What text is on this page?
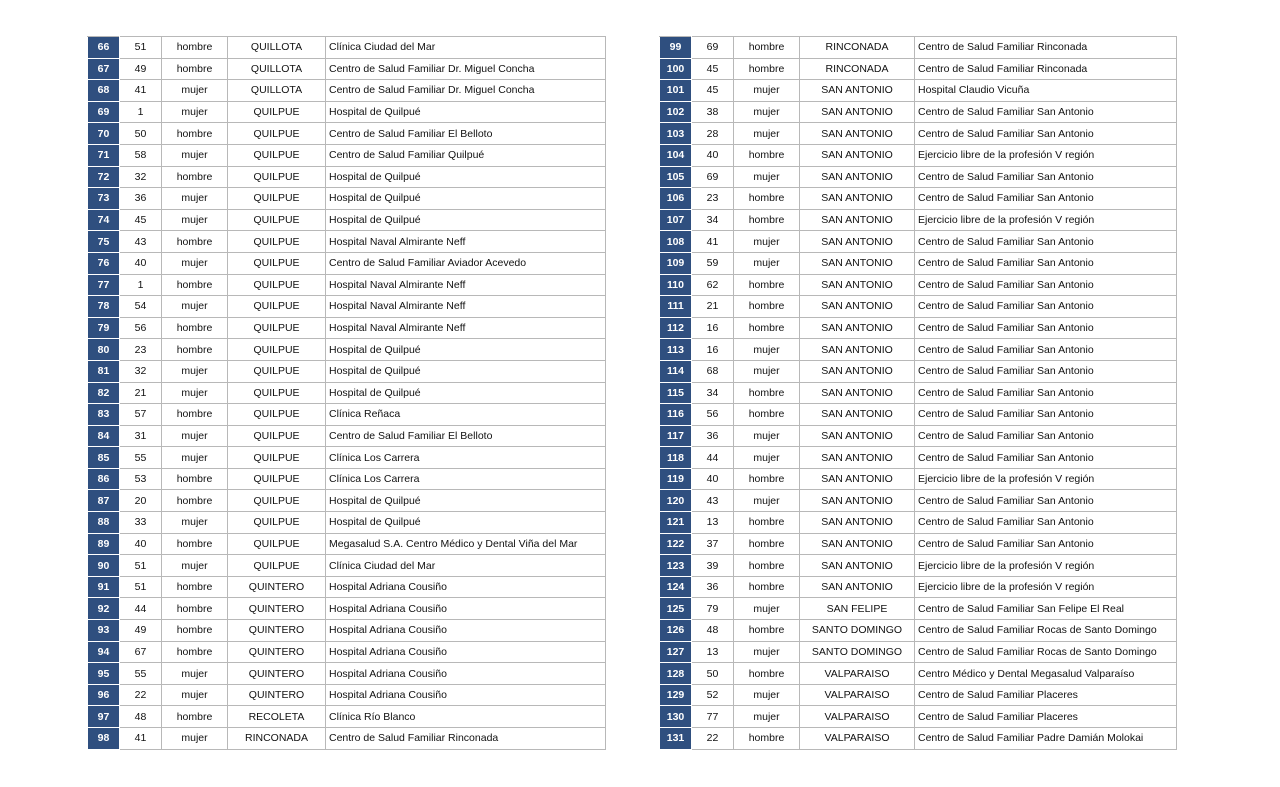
66	51	hombre	QUILLOTA	Clínica Ciudad del Mar
67	49	hombre	QUILLOTA	Centro de Salud Familiar Dr. Miguel Concha
68	41	mujer	QUILLOTA	Centro de Salud Familiar Dr. Miguel Concha
69	1	mujer	QUILPUE	Hospital de Quilpué
70	50	hombre	QUILPUE	Centro de Salud Familiar El Belloto
71	58	mujer	QUILPUE	Centro de Salud Familiar Quilpué
72	32	hombre	QUILPUE	Hospital de Quilpué
73	36	mujer	QUILPUE	Hospital de Quilpué
74	45	mujer	QUILPUE	Hospital de Quilpué
75	43	hombre	QUILPUE	Hospital Naval Almirante Neff
76	40	mujer	QUILPUE	Centro de Salud Familiar Aviador Acevedo
77	1	hombre	QUILPUE	Hospital Naval Almirante Neff
78	54	mujer	QUILPUE	Hospital Naval Almirante Neff
79	56	hombre	QUILPUE	Hospital Naval Almirante Neff
80	23	hombre	QUILPUE	Hospital de Quilpué
81	32	mujer	QUILPUE	Hospital de Quilpué
82	21	mujer	QUILPUE	Hospital de Quilpué
83	57	hombre	QUILPUE	Clínica Reñaca
84	31	mujer	QUILPUE	Centro de Salud Familiar El Belloto
85	55	mujer	QUILPUE	Clínica Los Carrera
86	53	hombre	QUILPUE	Clínica Los Carrera
87	20	hombre	QUILPUE	Hospital de Quilpué
88	33	mujer	QUILPUE	Hospital de Quilpué
89	40	hombre	QUILPUE	Megasalud S.A. Centro Médico y Dental Viña del Mar
90	51	mujer	QUILPUE	Clínica Ciudad del Mar
91	51	hombre	QUINTERO	Hospital Adriana Cousiño
92	44	hombre	QUINTERO	Hospital Adriana Cousiño
93	49	hombre	QUINTERO	Hospital Adriana Cousiño
94	67	hombre	QUINTERO	Hospital Adriana Cousiño
95	55	mujer	QUINTERO	Hospital Adriana Cousiño
96	22	mujer	QUINTERO	Hospital Adriana Cousiño
97	48	hombre	RECOLETA	Clínica Río Blanco
98	41	mujer	RINCONADA	Centro de Salud Familiar Rinconada
99	69	hombre	RINCONADA	Centro de Salud Familiar Rinconada
100	45	hombre	RINCONADA	Centro de Salud Familiar Rinconada
101	45	mujer	SAN ANTONIO	Hospital Claudio Vicuña
102	38	mujer	SAN ANTONIO	Centro de Salud Familiar San Antonio
103	28	mujer	SAN ANTONIO	Centro de Salud Familiar San Antonio
104	40	hombre	SAN ANTONIO	Ejercicio libre de la profesión V región
105	69	mujer	SAN ANTONIO	Centro de Salud Familiar San Antonio
106	23	hombre	SAN ANTONIO	Centro de Salud Familiar San Antonio
107	34	hombre	SAN ANTONIO	Ejercicio libre de la profesión V región
108	41	mujer	SAN ANTONIO	Centro de Salud Familiar San Antonio
109	59	mujer	SAN ANTONIO	Centro de Salud Familiar San Antonio
110	62	hombre	SAN ANTONIO	Centro de Salud Familiar San Antonio
111	21	hombre	SAN ANTONIO	Centro de Salud Familiar San Antonio
112	16	hombre	SAN ANTONIO	Centro de Salud Familiar San Antonio
113	16	mujer	SAN ANTONIO	Centro de Salud Familiar San Antonio
114	68	mujer	SAN ANTONIO	Centro de Salud Familiar San Antonio
115	34	hombre	SAN ANTONIO	Centro de Salud Familiar San Antonio
116	56	hombre	SAN ANTONIO	Centro de Salud Familiar San Antonio
117	36	mujer	SAN ANTONIO	Centro de Salud Familiar San Antonio
118	44	mujer	SAN ANTONIO	Centro de Salud Familiar San Antonio
119	40	hombre	SAN ANTONIO	Ejercicio libre de la profesión V región
120	43	mujer	SAN ANTONIO	Centro de Salud Familiar San Antonio
121	13	hombre	SAN ANTONIO	Centro de Salud Familiar San Antonio
122	37	hombre	SAN ANTONIO	Centro de Salud Familiar San Antonio
123	39	hombre	SAN ANTONIO	Ejercicio libre de la profesión V región
124	36	hombre	SAN ANTONIO	Ejercicio libre de la profesión V región
125	79	mujer	SAN FELIPE	Centro de Salud Familiar San Felipe El Real
126	48	hombre	SANTO DOMINGO	Centro de Salud Familiar Rocas de Santo Domingo
127	13	mujer	SANTO DOMINGO	Centro de Salud Familiar Rocas de Santo Domingo
128	50	hombre	VALPARAISO	Centro Médico y Dental Megasalud Valparaíso
129	52	mujer	VALPARAISO	Centro de Salud Familiar Placeres
130	77	mujer	VALPARAISO	Centro de Salud Familiar Placeres
131	22	hombre	VALPARAISO	Centro de Salud Familiar Padre Damián Molokai
